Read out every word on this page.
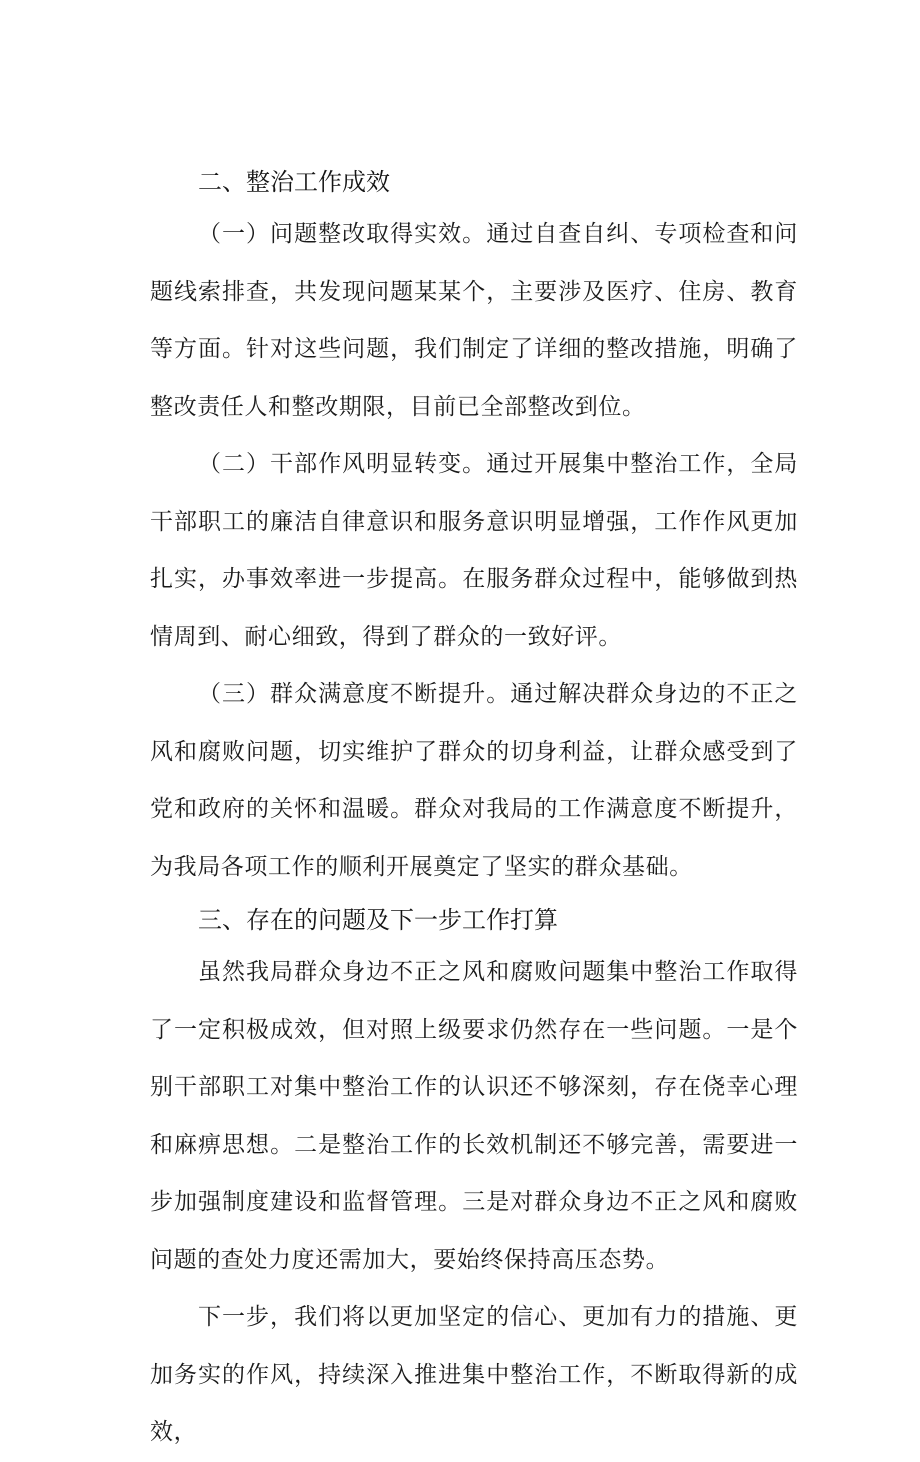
二、整治工作成效

（一）问题整改取得实效。通过自查自纠、专项检查和问题线索排查，共发现问题某某个，主要涉及医疗、住房、教育等方面。针对这些问题，我们制定了详细的整改措施，明确了整改责任人和整改期限，目前已全部整改到位。

（二）干部作风明显转变。通过开展集中整治工作，全局干部职工的廉洁自律意识和服务意识明显增强，工作作风更加扎实，办事效率进一步提高。在服务群众过程中，能够做到热情周到、耐心细致，得到了群众的一致好评。

（三）群众满意度不断提升。通过解决群众身边的不正之风和腐败问题，切实维护了群众的切身利益，让群众感受到了党和政府的关怀和温暖。群众对我局的工作满意度不断提升，为我局各项工作的顺利开展奠定了坚实的群众基础。

三、存在的问题及下一步工作打算

虽然我局群众身边不正之风和腐败问题集中整治工作取得了一定积极成效，但对照上级要求仍然存在一些问题。一是个别干部职工对集中整治工作的认识还不够深刻，存在侥幸心理和麻痹思想。二是整治工作的长效机制还不够完善，需要进一步加强制度建设和监督管理。三是对群众身边不正之风和腐败问题的查处力度还需加大，要始终保持高压态势。

下一步，我们将以更加坚定的信心、更加有力的措施、更加务实的作风，持续深入推进集中整治工作，不断取得新的成效，
